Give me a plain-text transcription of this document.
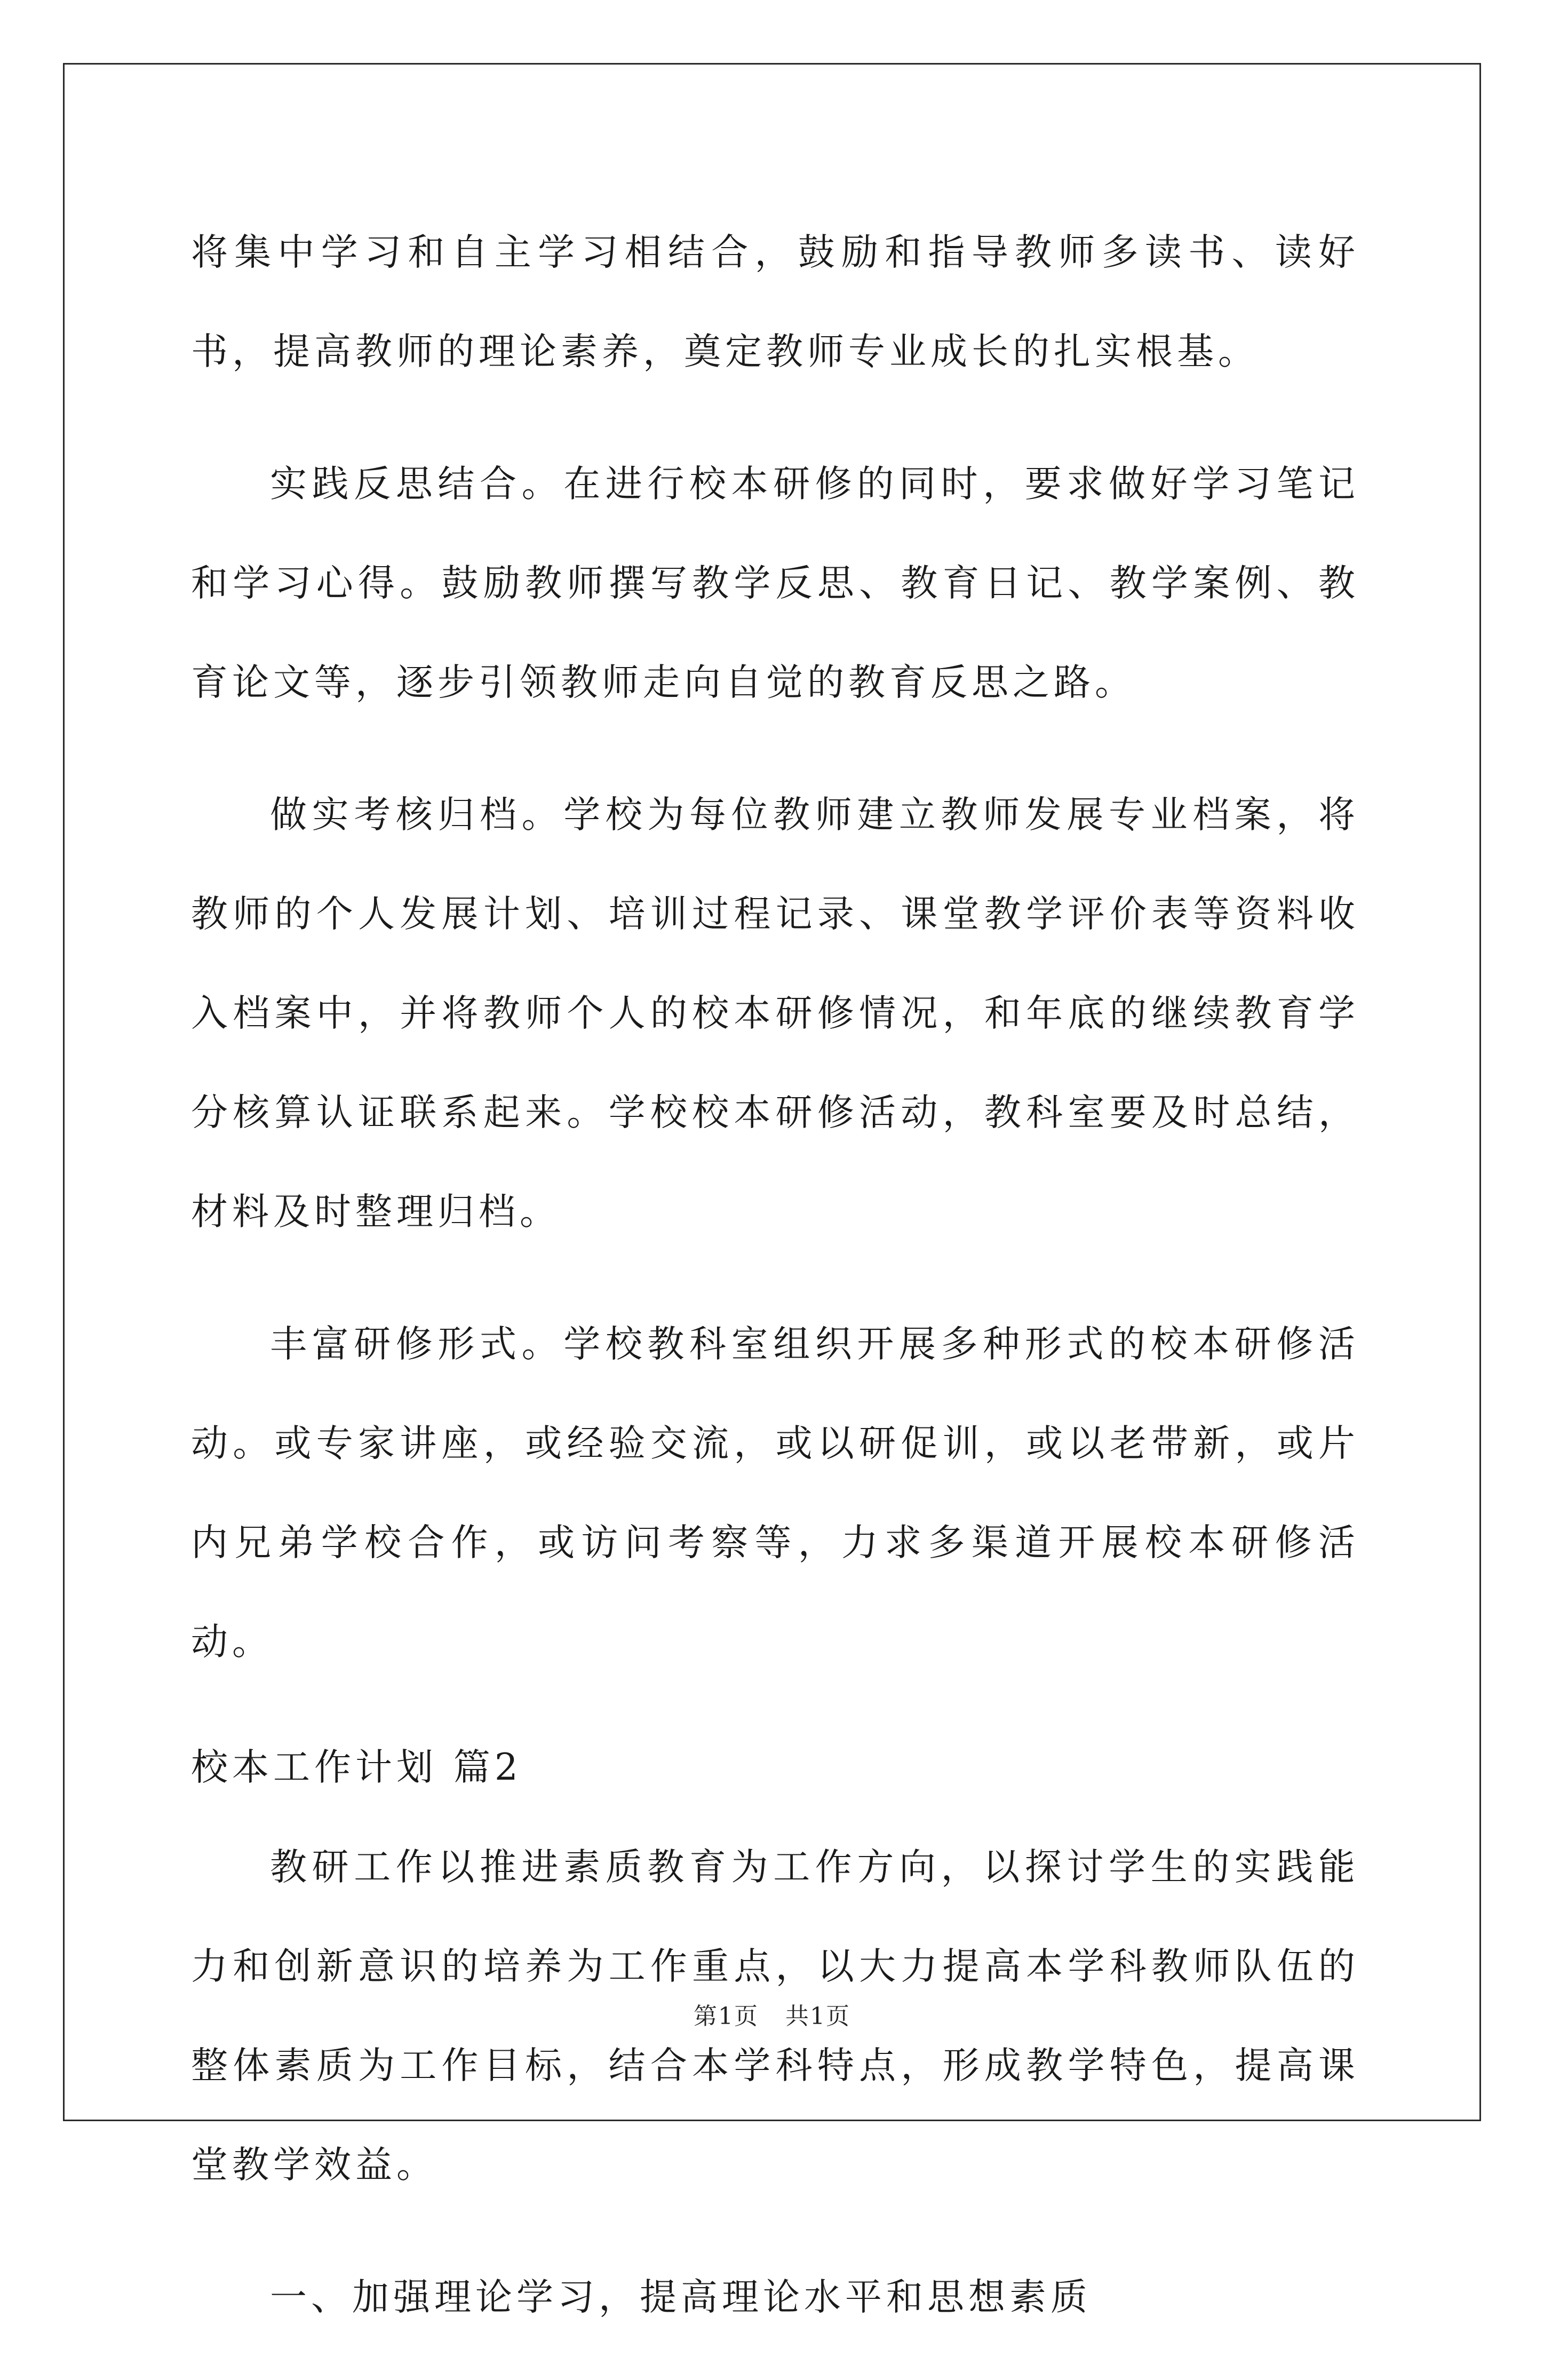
将集中学习和自主学习相结合，鼓励和指导教师多读书、读好书，提高教师的理论素养，奠定教师专业成长的扎实根基。

实践反思结合。在进行校本研修的同时，要求做好学习笔记和学习心得。鼓励教师撰写教学反思、教育日记、教学案例、教育论文等，逐步引领教师走向自觉的教育反思之路。

做实考核归档。学校为每位教师建立教师发展专业档案，将教师的个人发展计划、培训过程记录、课堂教学评价表等资料收入档案中，并将教师个人的校本研修情况，和年底的继续教育学分核算认证联系起来。学校校本研修活动，教科室要及时总结，材料及时整理归档。

丰富研修形式。学校教科室组织开展多种形式的校本研修活动。或专家讲座，或经验交流，或以研促训，或以老带新，或片内兄弟学校合作，或访问考察等，力求多渠道开展校本研修活动。

校本工作计划 篇2

教研工作以推进素质教育为工作方向，以探讨学生的实践能力和创新意识的培养为工作重点，以大力提高本学科教师队伍的整体素质为工作目标，结合本学科特点，形成教学特色，提高课堂教学效益。

一、加强理论学习，提高理论水平和思想素质

第1页 共1页
